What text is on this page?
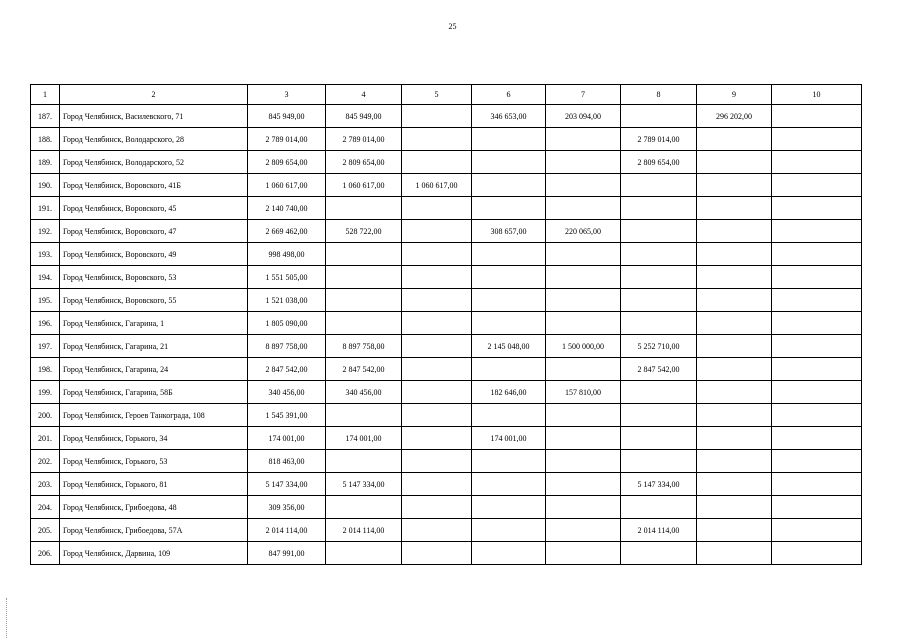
25
1	2	3	4	5	6	7	8	9	10
187.	Город Челябинск, Василевского, 71	845 949,00	845 949,00		346 653,00	203 094,00		296 202,00	
188.	Город Челябинск, Володарского, 28	2 789 014,00	2 789 014,00				2 789 014,00		
189.	Город Челябинск, Володарского, 52	2 809 654,00	2 809 654,00				2 809 654,00		
190.	Город Челябинск, Воровского, 41Б	1 060 617,00	1 060 617,00	1 060 617,00					
191.	Город Челябинск, Воровского, 45	2 140 740,00							
192.	Город Челябинск, Воровского, 47	2 669 462,00	528 722,00		308 657,00	220 065,00			
193.	Город Челябинск, Воровского, 49	998 498,00							
194.	Город Челябинск, Воровского, 53	1 551 505,00							
195.	Город Челябинск, Воровского, 55	1 521 038,00							
196.	Город Челябинск, Гагарина, 1	1 805 090,00							
197.	Город Челябинск, Гагарина, 21	8 897 758,00	8 897 758,00		2 145 048,00	1 500 000,00	5 252 710,00		
198.	Город Челябинск, Гагарина, 24	2 847 542,00	2 847 542,00				2 847 542,00		
199.	Город Челябинск, Гагарина, 58Б	340 456,00	340 456,00		182 646,00	157 810,00			
200.	Город Челябинск, Героев Танкограда, 108	1 545 391,00							
201.	Город Челябинск, Горького, 34	174 001,00	174 001,00		174 001,00				
202.	Город Челябинск, Горького, 53	818 463,00							
203.	Город Челябинск, Горького, 81	5 147 334,00	5 147 334,00				5 147 334,00		
204.	Город Челябинск, Грибоедова, 48	309 356,00							
205.	Город Челябинск, Грибоедова, 57А	2 014 114,00	2 014 114,00				2 014 114,00		
206.	Город Челябинск, Дарвина, 109	847 991,00							
